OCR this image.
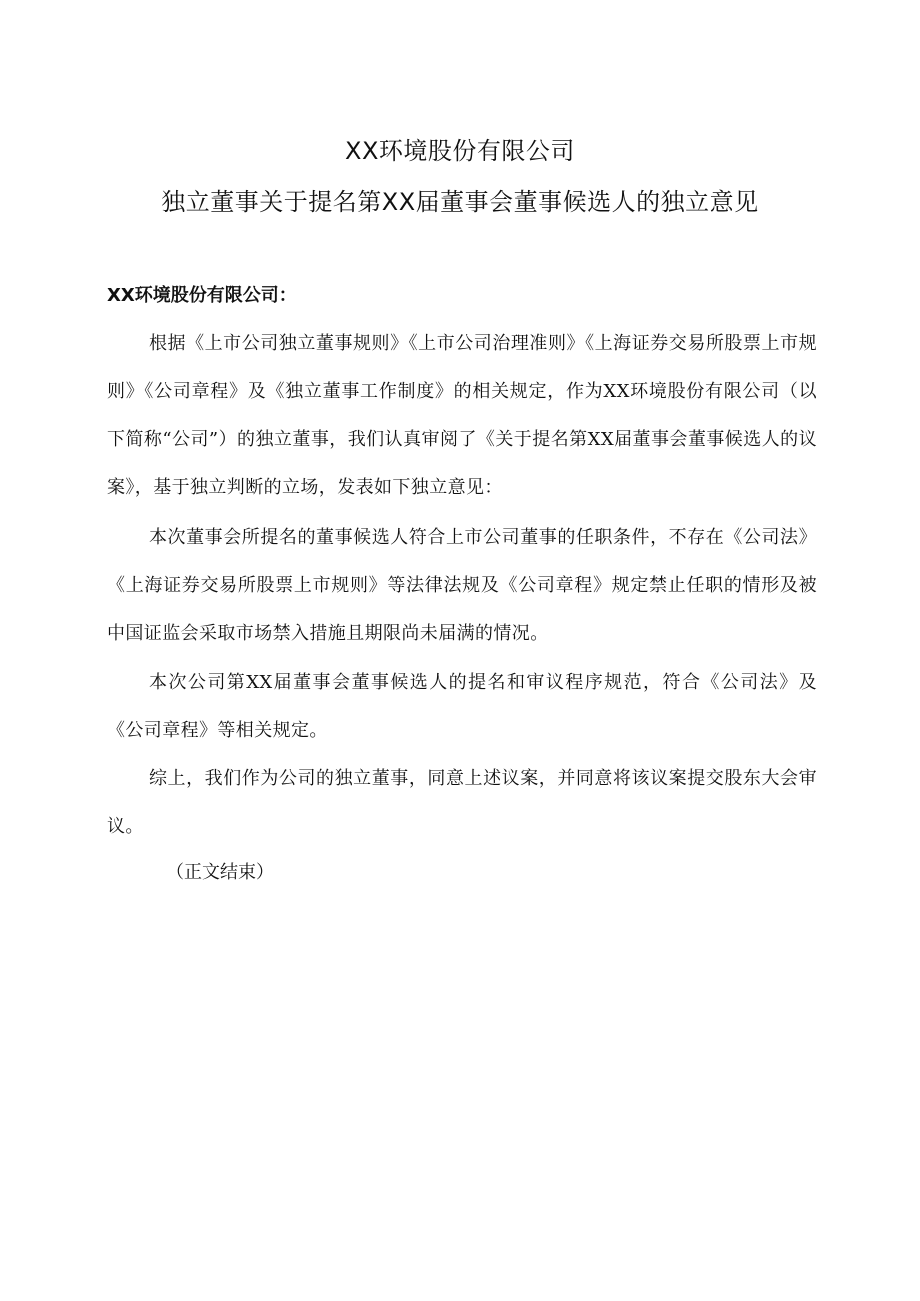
XX环境股份有限公司
独立董事关于提名第XX届董事会董事候选人的独立意见
XX环境股份有限公司：
根据《上市公司独立董事规则》《上市公司治理准则》《上海证券交易所股票上市规则》《公司章程》及《独立董事工作制度》的相关规定，作为XX环境股份有限公司（以下简称“公司”）的独立董事，我们认真审阅了《关于提名第XX届董事会董事候选人的议案》，基于独立判断的立场，发表如下独立意见：
本次董事会所提名的董事候选人符合上市公司董事的任职条件，不存在《公司法》《上海证券交易所股票上市规则》等法律法规及《公司章程》规定禁止任职的情形及被中国证监会采取市场禁入措施且期限尚未届满的情况。
本次公司第XX届董事会董事候选人的提名和审议程序规范，符合《公司法》及《公司章程》等相关规定。
综上，我们作为公司的独立董事，同意上述议案，并同意将该议案提交股东大会审议。
（正文结束）
